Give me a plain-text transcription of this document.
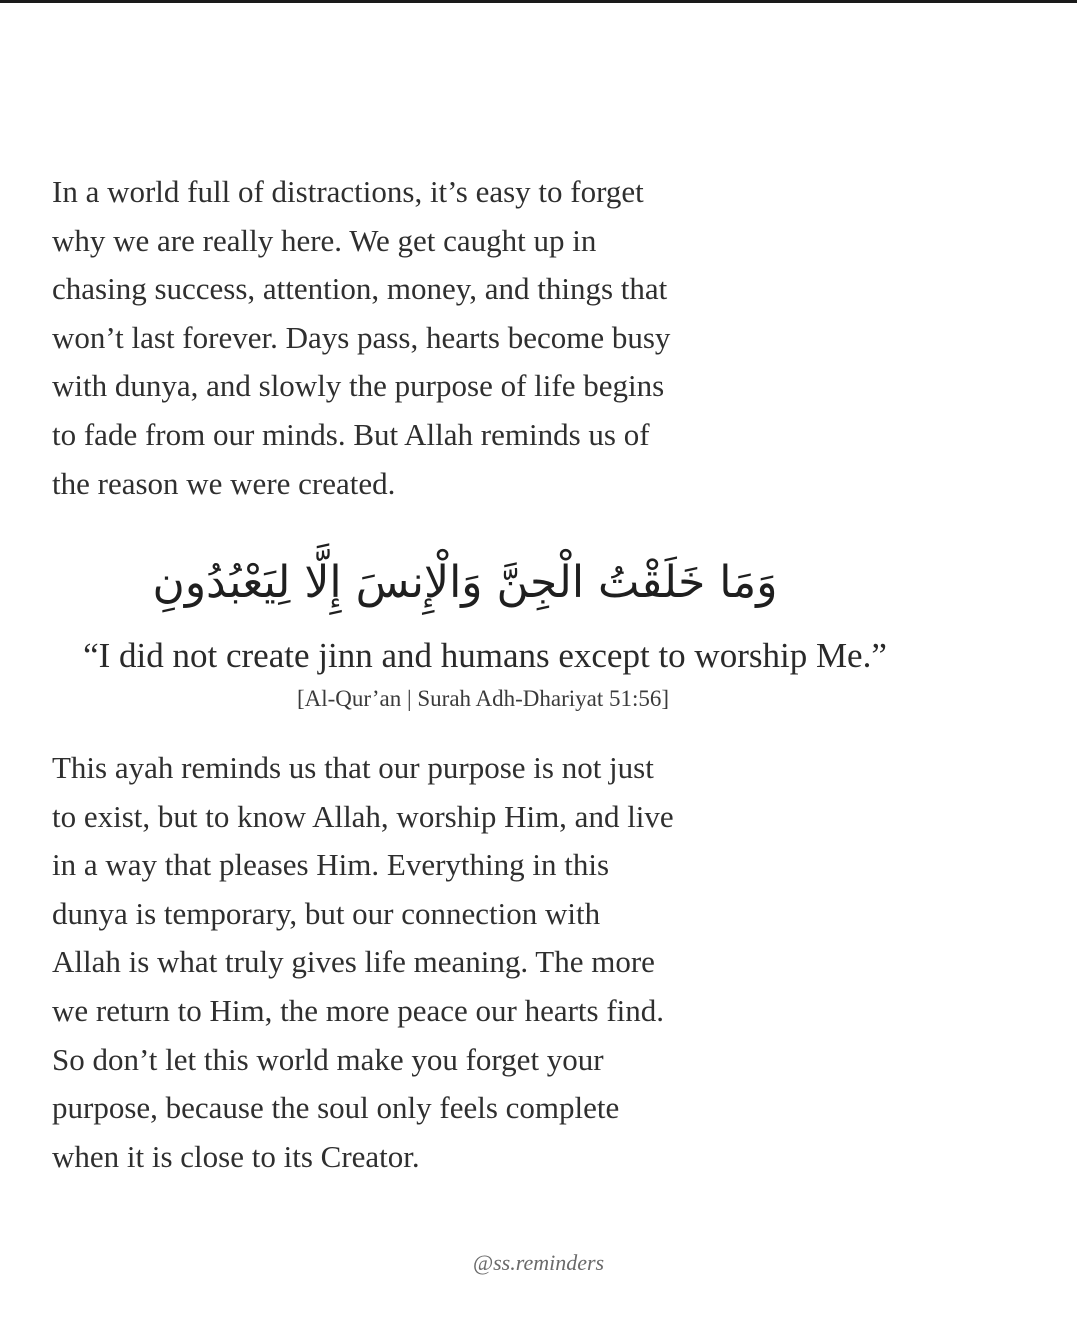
In a world full of distractions, it’s easy to forget
why we are really here. We get caught up in
chasing success, attention, money, and things that
won’t last forever. Days pass, hearts become busy
with dunya, and slowly the purpose of life begins
to fade from our minds. But Allah reminds us of
the reason we were created.

وَمَا خَلَقْتُ الْجِنَّ وَالْإِنسَ إِلَّا لِيَعْبُدُونِ
“I did not create jinn and humans except to worship Me.”
[Al-Qur’an | Surah Adh-Dhariyat 51:56]

This ayah reminds us that our purpose is not just
to exist, but to know Allah, worship Him, and live
in a way that pleases Him. Everything in this
dunya is temporary, but our connection with
Allah is what truly gives life meaning. The more
we return to Him, the more peace our hearts find.
So don’t let this world make you forget your
purpose, because the soul only feels complete
when it is close to its Creator.

@ss.reminders
